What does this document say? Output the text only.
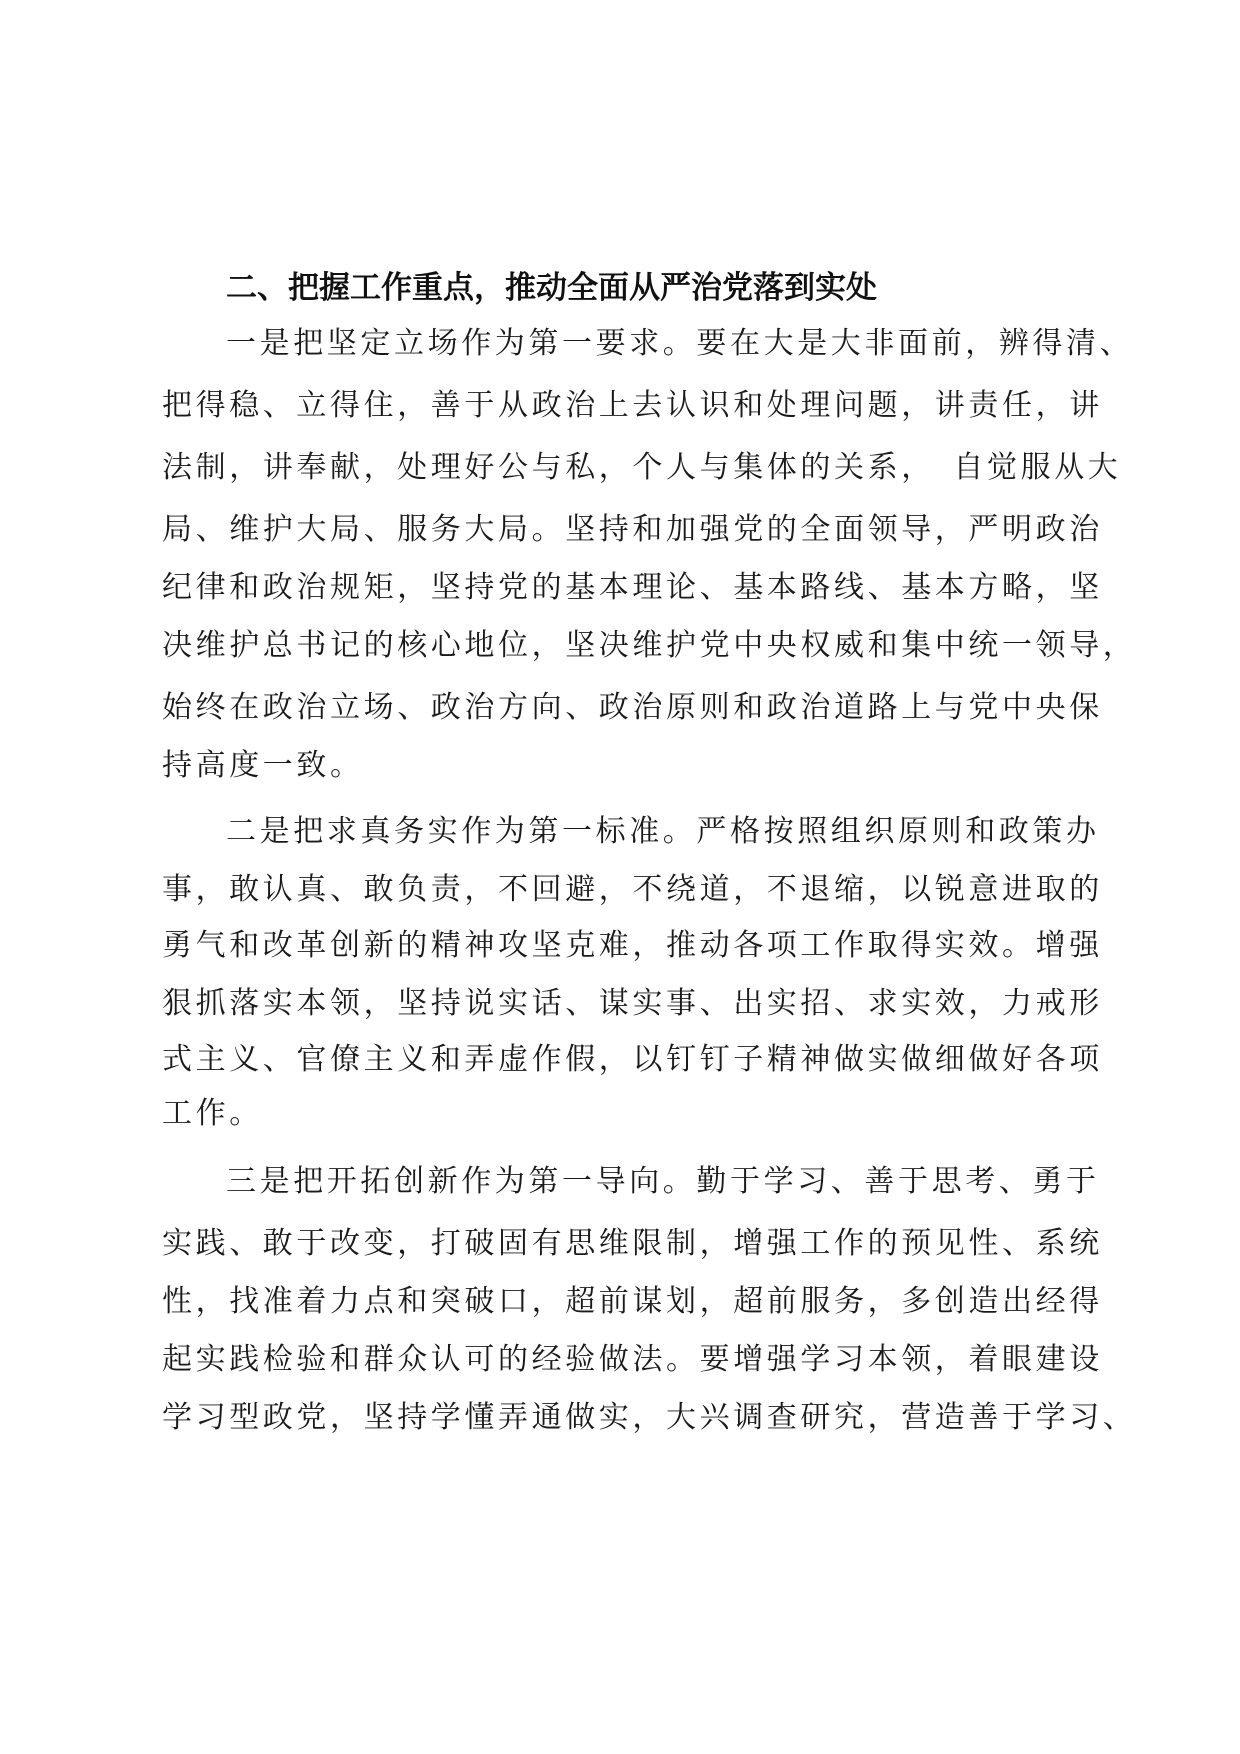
二、把握工作重点，推动全面从严治党落到实处
一是把坚定立场作为第一要求。要在大是大非面前，辨得清、
把得稳、立得住，善于从政治上去认识和处理问题，讲责任，讲
法制，讲奉献，处理好公与私，个人与集体的关系，　自觉服从大
局、维护大局、服务大局。坚持和加强党的全面领导，严明政治
纪律和政治规矩，坚持党的基本理论、基本路线、基本方略，坚
决维护总书记的核心地位，坚决维护党中央权威和集中统一领导，
始终在政治立场、政治方向、政治原则和政治道路上与党中央保
持高度一致。
二是把求真务实作为第一标准。严格按照组织原则和政策办
事，敢认真、敢负责，不回避，不绕道，不退缩，以锐意进取的
勇气和改革创新的精神攻坚克难，推动各项工作取得实效。增强
狠抓落实本领，坚持说实话、谋实事、出实招、求实效，力戒形
式主义、官僚主义和弄虚作假，以钉钉子精神做实做细做好各项
工作。
三是把开拓创新作为第一导向。勤于学习、善于思考、勇于
实践、敢于改变，打破固有思维限制，增强工作的预见性、系统
性，找准着力点和突破口，超前谋划，超前服务，多创造出经得
起实践检验和群众认可的经验做法。要增强学习本领，着眼建设
学习型政党，坚持学懂弄通做实，大兴调查研究，营造善于学习、
